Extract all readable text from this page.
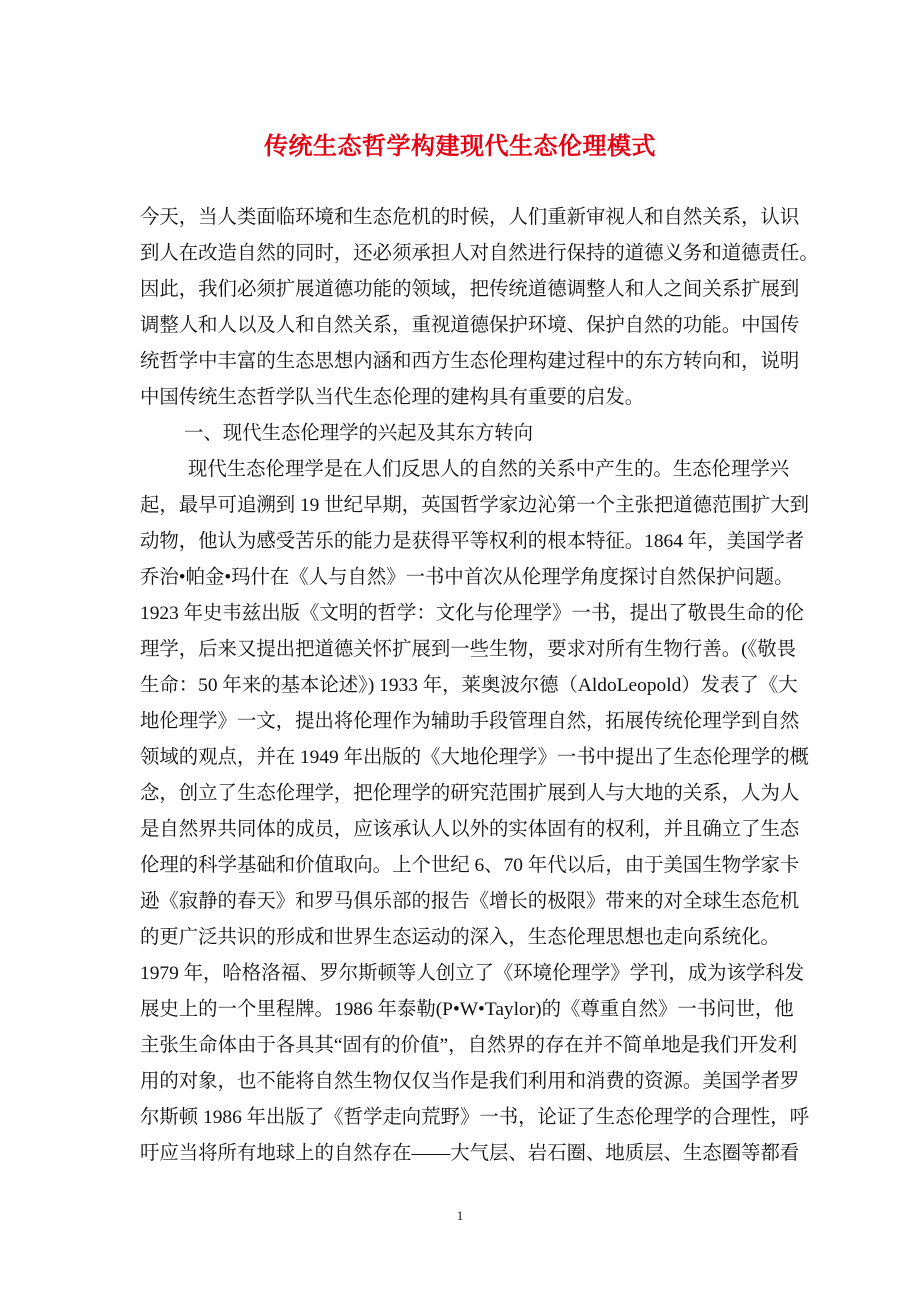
传统生态哲学构建现代生态伦理模式
今天，当人类面临环境和生态危机的时候，人们重新审视人和自然关系，认识
到人在改造自然的同时，还必须承担人对自然进行保持的道德义务和道德责任。
因此，我们必须扩展道德功能的领域，把传统道德调整人和人之间关系扩展到
调整人和人以及人和自然关系，重视道德保护环境、保护自然的功能。中国传
统哲学中丰富的生态思想内涵和西方生态伦理构建过程中的东方转向和，说明
中国传统生态哲学队当代生态伦理的建构具有重要的启发。
一、现代生态伦理学的兴起及其东方转向
现代生态伦理学是在人们反思人的自然的关系中产生的。生态伦理学兴
起，最早可追溯到 19 世纪早期，英国哲学家边沁第一个主张把道德范围扩大到
动物，他认为感受苦乐的能力是获得平等权利的根本特征。1864 年，美国学者
乔治•帕金•玛什在《人与自然》一书中首次从伦理学角度探讨自然保护问题。
1923 年史韦兹出版《文明的哲学：文化与伦理学》一书，提出了敬畏生命的伦
理学，后来又提出把道德关怀扩展到一些生物，要求对所有生物行善。(《敬畏
生命：50 年来的基本论述》) 1933 年，莱奥波尔德（AldoLeopold）发表了《大
地伦理学》一文，提出将伦理作为辅助手段管理自然，拓展传统伦理学到自然
领域的观点，并在 1949 年出版的《大地伦理学》一书中提出了生态伦理学的概
念，创立了生态伦理学，把伦理学的研究范围扩展到人与大地的关系，人为人
是自然界共同体的成员，应该承认人以外的实体固有的权利，并且确立了生态
伦理的科学基础和价值取向。上个世纪 6、70 年代以后，由于美国生物学家卡
逊《寂静的春天》和罗马俱乐部的报告《增长的极限》带来的对全球生态危机
的更广泛共识的形成和世界生态运动的深入，生态伦理思想也走向系统化。
1979 年，哈格洛福、罗尔斯顿等人创立了《环境伦理学》学刊，成为该学科发
展史上的一个里程牌。1986 年泰勒(P•W•Taylor)的《尊重自然》一书问世，他
主张生命体由于各具其“固有的价值”，自然界的存在并不简单地是我们开发利
用的对象，也不能将自然生物仅仅当作是我们利用和消费的资源。美国学者罗
尔斯顿 1986 年出版了《哲学走向荒野》一书，论证了生态伦理学的合理性，呼
吁应当将所有地球上的自然存在——大气层、岩石圈、地质层、生态圈等都看
1
